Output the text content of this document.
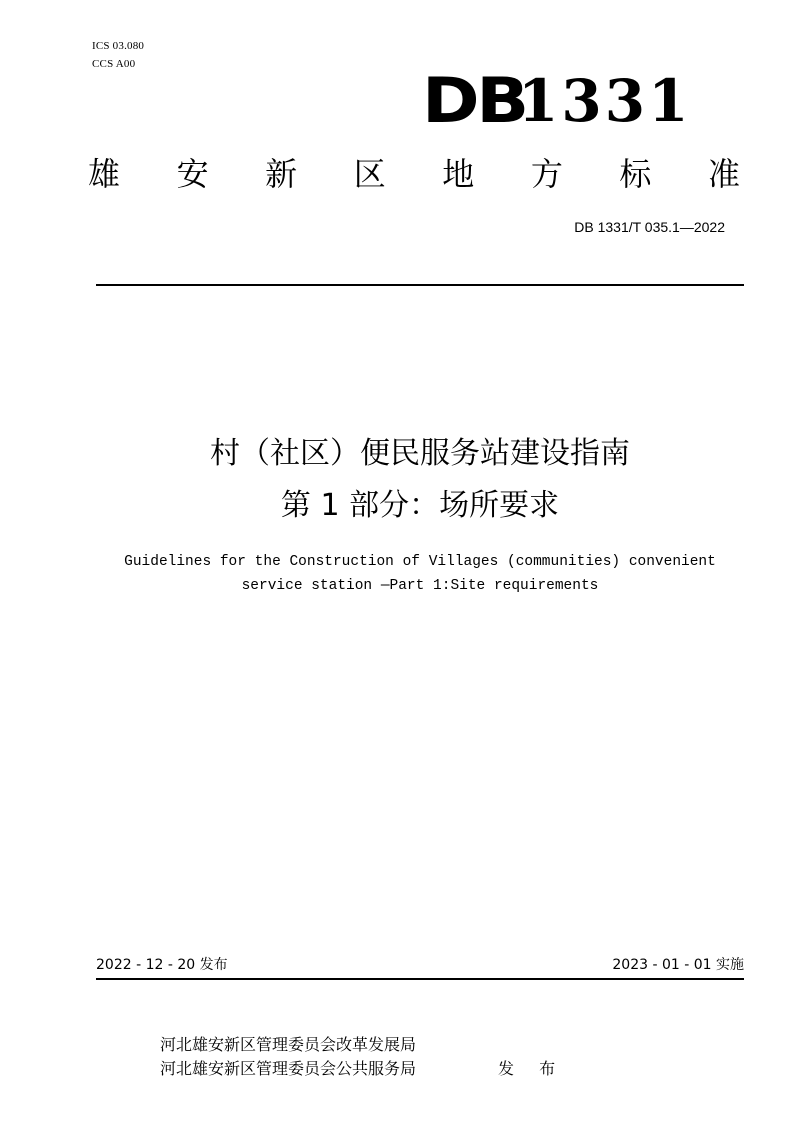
ICS 03.080
CCS A00	DB
1331
雄 安 新 区 地 方 标 准
DB 1331/T 035.1—2022
村（社区）便民服务站建设指南
第 1 部分：场所要求
Guidelines for the Construction of Villages (communities) convenient
service station —Part 1:Site requirements
2022 - 12 - 20 发布	2023 - 01 - 01 实施
河北雄安新区管理委员会改革发展局
河北雄安新区管理委员会公共服务局	发 布
